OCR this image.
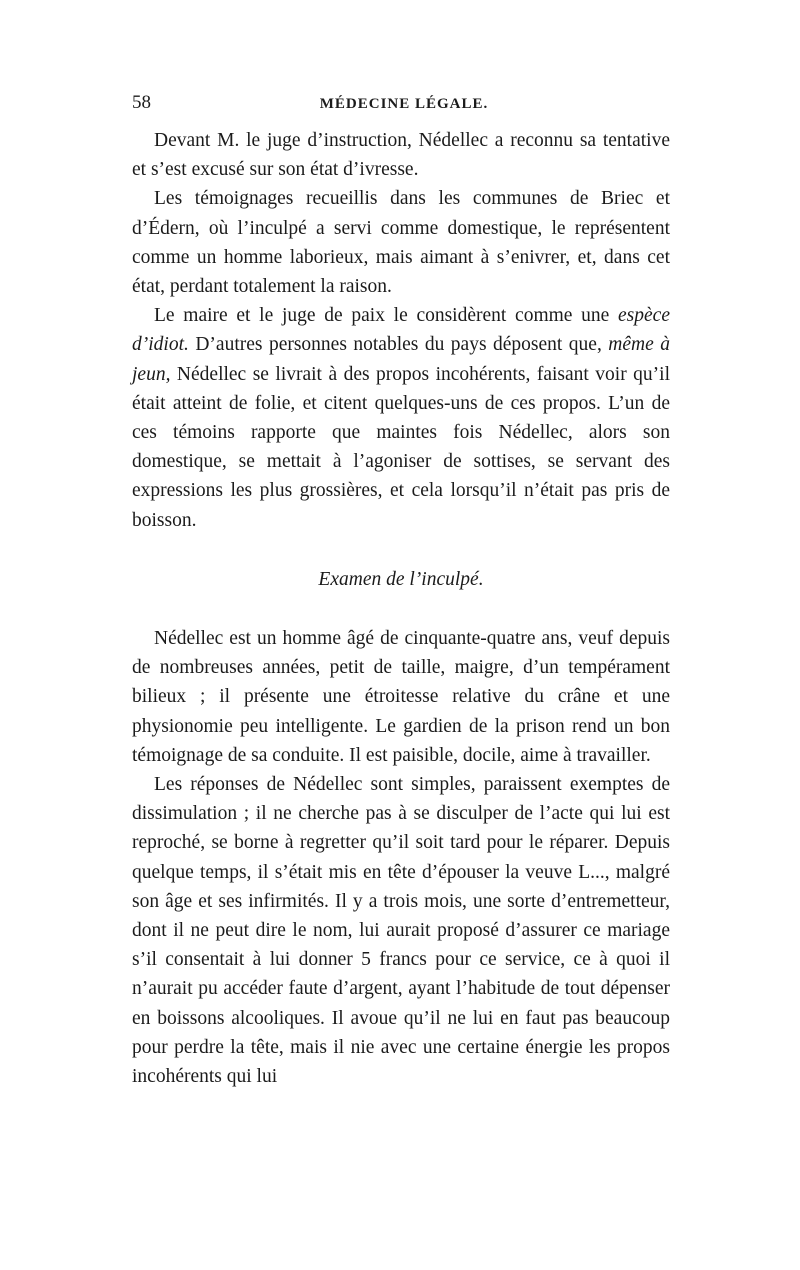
58	MÉDECINE LÉGALE.

Devant M. le juge d’instruction, Nédellec a reconnu sa tentative et s’est excusé sur son état d’ivresse.

Les témoignages recueillis dans les communes de Briec et d’Édern, où l’inculpé a servi comme domestique, le représentent comme un homme laborieux, mais aimant à s’enivrer, et, dans cet état, perdant totalement la raison.

Le maire et le juge de paix le considèrent comme une espèce d’idiot. D’autres personnes notables du pays déposent que, même à jeun, Nédellec se livrait à des propos incohérents, faisant voir qu’il était atteint de folie, et citent quelques-uns de ces propos. L’un de ces témoins rapporte que maintes fois Nédellec, alors son domestique, se mettait à l’agoniser de sottises, se servant des expressions les plus grossières, et cela lorsqu’il n’était pas pris de boisson.

Examen de l’inculpé.

Nédellec est un homme âgé de cinquante-quatre ans, veuf depuis de nombreuses années, petit de taille, maigre, d’un tempérament bilieux ; il présente une étroitesse relative du crâne et une physionomie peu intelligente. Le gardien de la prison rend un bon témoignage de sa conduite. Il est paisible, docile, aime à travailler.

Les réponses de Nédellec sont simples, paraissent exemptes de dissimulation ; il ne cherche pas à se disculper de l’acte qui lui est reproché, se borne à regretter qu’il soit tard pour le réparer. Depuis quelque temps, il s’était mis en tête d’épouser la veuve L..., malgré son âge et ses infirmités. Il y a trois mois, une sorte d’entremetteur, dont il ne peut dire le nom, lui aurait proposé d’assurer ce mariage s’il consentait à lui donner 5 francs pour ce service, ce à quoi il n’aurait pu accéder faute d’argent, ayant l’habitude de tout dépenser en boissons alcooliques. Il avoue qu’il ne lui en faut pas beaucoup pour perdre la tête, mais il nie avec une certaine énergie les propos incohérents qui lui
